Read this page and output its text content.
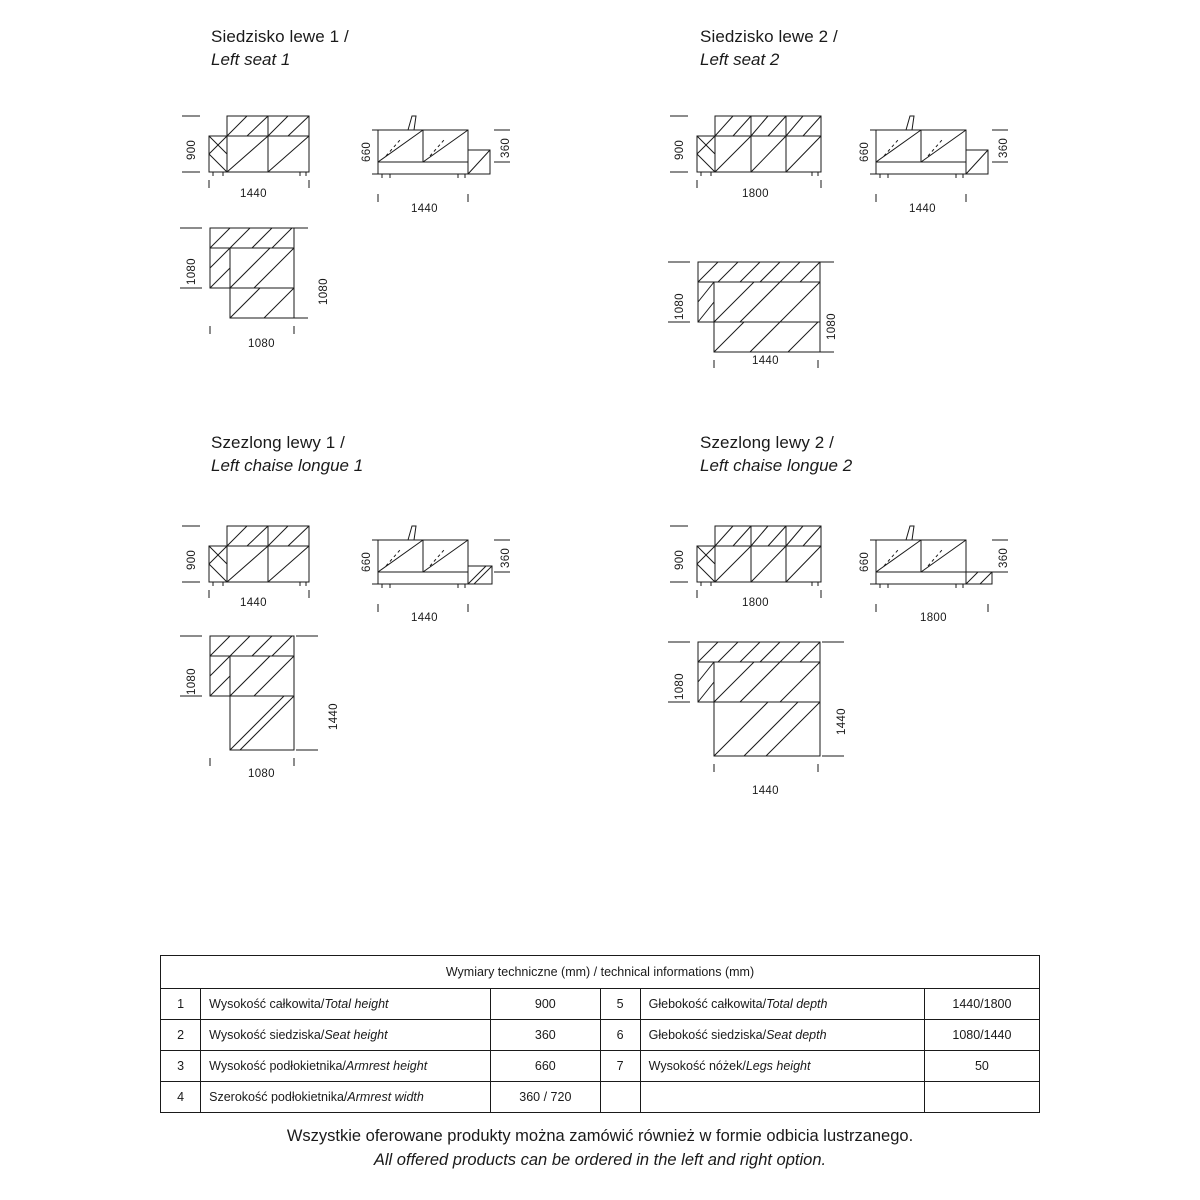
Siedzisko lewe 1 /
Left seat 1
900
1440
660	360
1440
1080
1080
1080
Siedzisko lewe 2 /
Left seat 2
900
1800
660	360
1440
1080
1080
1440
Szezlong lewy 1 /
Left chaise longue 1
900
1440
660	360
1440
1080
1440
1080
Szezlong lewy 2 /
Left chaise longue 2
900
1800
660	360
1800
1080
1440
1440
Wymiary techniczne (mm) / technical informations (mm)					
1	Wysokość całkowita/Total height	900	5	Głebokość całkowita/Total depth	1440/1800
2	Wysokość siedziska/Seat height	360	6	Głebokość siedziska/Seat depth	1080/1440
3	Wysokość podłokietnika/Armrest height	660	7	Wysokość nóżek/Legs height	50
4	Szerokość podłokietnika/Armrest width	360 / 720			
Wszystkie oferowane produkty można zamówić również w formie odbicia lustrzanego.
All offered products can be ordered in the left and right option.
